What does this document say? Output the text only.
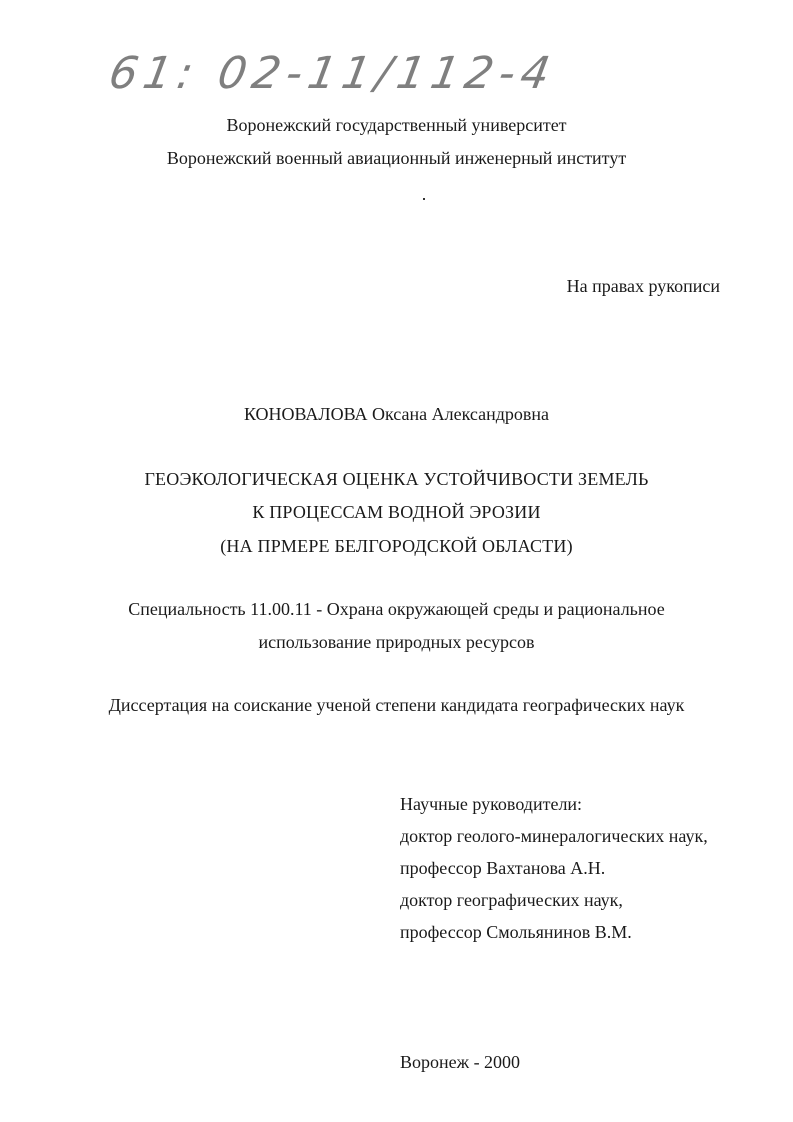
61: 02-11/112-4
Воронежский государственный университет
Воронежский военный авиационный инженерный институт
На правах рукописи
КОНОВАЛОВА Оксана Александровна
ГЕОЭКОЛОГИЧЕСКАЯ ОЦЕНКА УСТОЙЧИВОСТИ ЗЕМЕЛЬ
К ПРОЦЕССАМ ВОДНОЙ ЭРОЗИИ
(НА ПРМЕРЕ БЕЛГОРОДСКОЙ ОБЛАСТИ)
Специальность 11.00.11 - Охрана окружающей среды и рациональное
использование природных ресурсов
Диссертация на соискание ученой степени кандидата географических наук
Научные руководители:
доктор геолого-минералогических наук,
профессор Вахтанова А.Н.
доктор географических наук,
профессор Смольянинов В.М.
Воронеж - 2000
